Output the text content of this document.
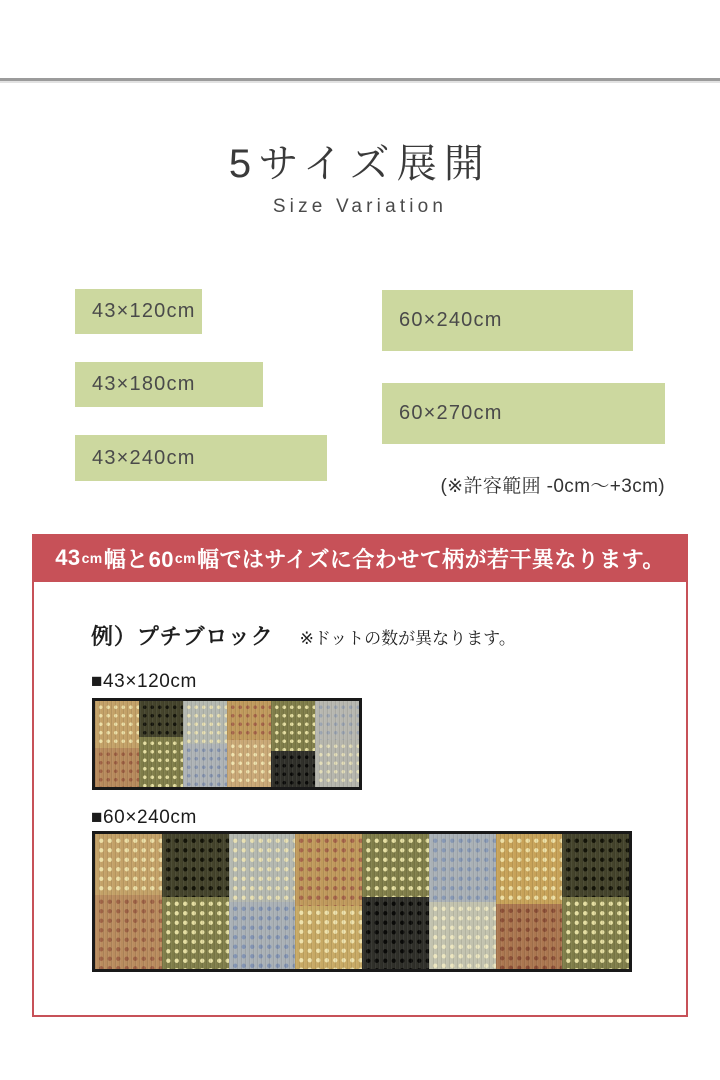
5サイズ展開
Size Variation
43×120cm
43×180cm
43×240cm
60×240cm
60×270cm
(※許容範囲 -0cm〜+3cm)
43 cm 幅と60 cm 幅ではサイズに合わせて柄が若干異なります。
例）プチブロック ※ドットの数が異なります。
■43×120cm
■60×240cm
